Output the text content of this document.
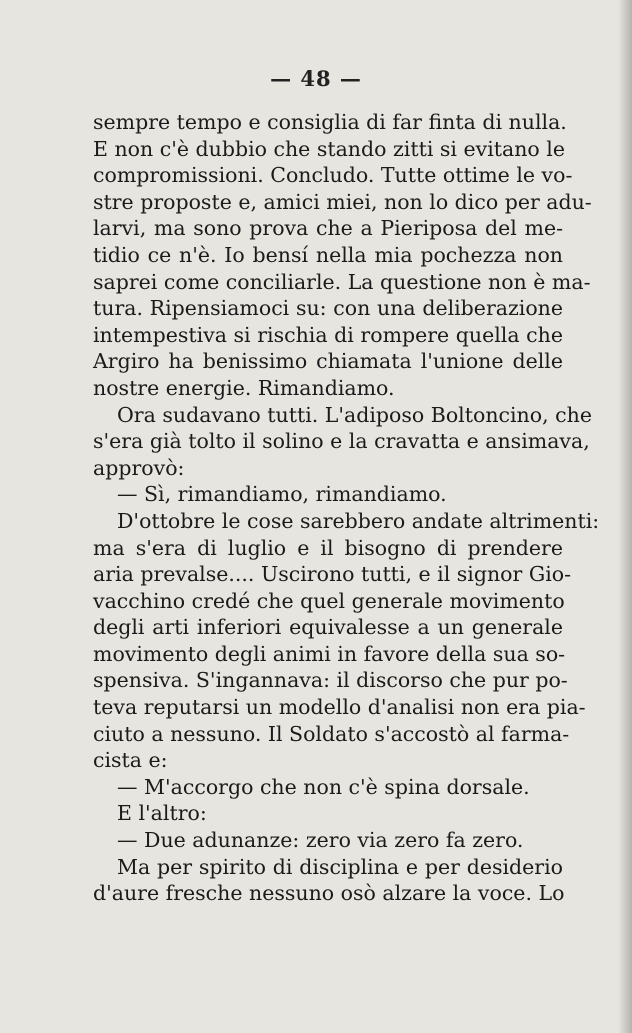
— 48 —
sempre tempo e consiglia di far finta di nulla.
E non c'è dubbio che stando zitti si evitano le
compromissioni. Concludo. Tutte ottime le vo-
stre proposte e, amici miei, non lo dico per adu-
larvi, ma sono prova che a Pieriposa del me-
tidio ce n'è. Io bensí nella mia pochezza non
saprei come conciliarle. La questione non è ma-
tura. Ripensiamoci su: con una deliberazione
intempestiva si rischia di rompere quella che
Argiro ha benissimo chiamata l'unione delle
nostre energie. Rimandiamo.
Ora sudavano tutti. L'adiposo Boltoncino, che
s'era già tolto il solino e la cravatta e ansimava,
approvò:
— Sì, rimandiamo, rimandiamo.
D'ottobre le cose sarebbero andate altrimenti:
ma s'era di luglio e il bisogno di prendere
aria prevalse.... Uscirono tutti, e il signor Gio-
vacchino credé che quel generale movimento
degli arti inferiori equivalesse a un generale
movimento degli animi in favore della sua so-
spensiva. S'ingannava: il discorso che pur po-
teva reputarsi un modello d'analisi non era pia-
ciuto a nessuno. Il Soldato s'accostò al farma-
cista e:
— M'accorgo che non c'è spina dorsale.
E l'altro:
— Due adunanze: zero via zero fa zero.
Ma per spirito di disciplina e per desiderio
d'aure fresche nessuno osò alzare la voce. Lo
